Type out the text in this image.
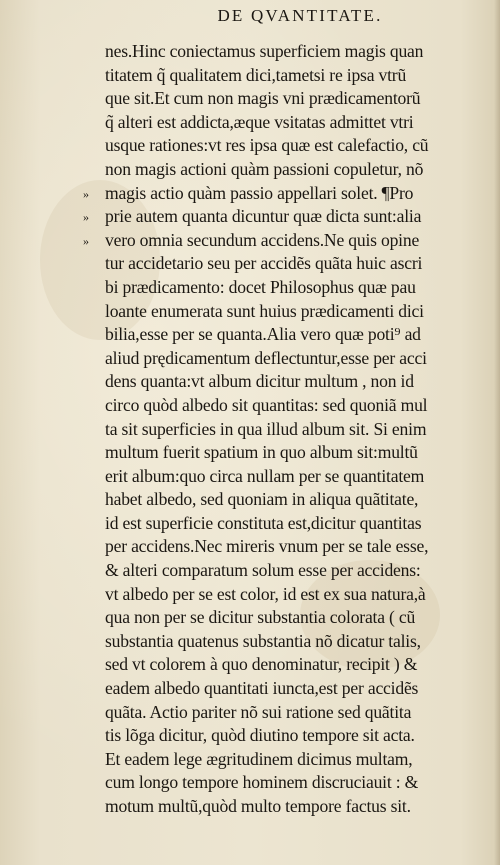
DE QVANTITATE.
nes.Hinc coniectamus superficiem magis quan
titatem q̃ qualitatem dici,tametsi re ipsa vtrũ
que sit.Et cum non magis vni prædicamentorũ
q̃ alteri est addicta,æque vsitatas admittet vtri
usque rationes:vt res ipsa quæ est calefactio, cũ
non magis actioni quàm passioni copuletur, nõ
» magis actio quàm passio appellari solet. ¶Pro
» prie autem quanta dicuntur quæ dicta sunt:alia
» vero omnia secundum accidens.Ne quis opine
tur accidetario seu per accidẽs quãta huic ascri
bi prædicamento: docet Philosophus quæ pau
loante enumerata sunt huius prædicamenti dici
bilia,esse per se quanta.Alia vero quæ poti⁹ ad
aliud prędicamentum deflectuntur,esse per acci
dens quanta:vt album dicitur multum , non id
circo quòd albedo sit quantitas: sed quoniã mul
ta sit superficies in qua illud album sit. Si enim
multum fuerit spatium in quo album sit:multũ
erit album:quo circa nullam per se quantitatem
habet albedo, sed quoniam in aliqua quãtitate,
id est superficie constituta est,dicitur quantitas
per accidens.Nec mireris vnum per se tale esse,
& alteri comparatum solum esse per accidens:
vt albedo per se est color, id est ex sua natura,à
qua non per se dicitur substantia colorata ( cũ
substantia quatenus substantia nõ dicatur talis,
sed vt colorem à quo denominatur, recipit ) &
eadem albedo quantitati iuncta,est per accidẽs
quãta. Actio pariter nõ sui ratione sed quãtita
tis lõga dicitur, quòd diutino tempore sit acta.
Et eadem lege ægritudinem dicimus multam,
cum longo tempore hominem discruciauit : &
motum multũ,quòd multo tempore factus sit.
